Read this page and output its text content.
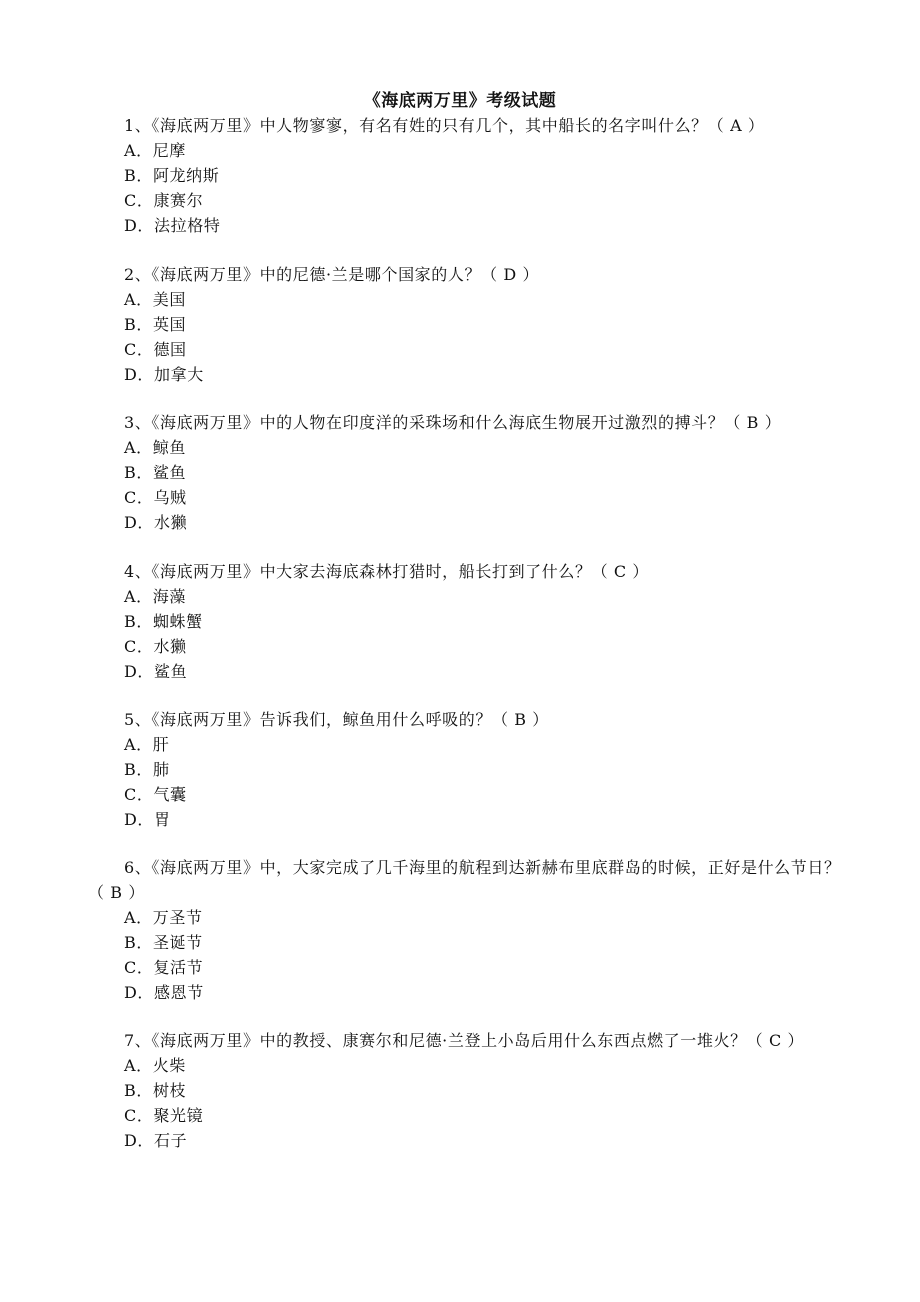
《海底两万里》考级试题
1、《海底两万里》中人物寥寥，有名有姓的只有几个，其中船长的名字叫什么？（ A ）
A．尼摩
B．阿龙纳斯
C．康赛尔
D．法拉格特
2、《海底两万里》中的尼德·兰是哪个国家的人？（ D ）
A．美国
B．英国
C．德国
D．加拿大
3、《海底两万里》中的人物在印度洋的采珠场和什么海底生物展开过激烈的搏斗？（ B ）
A．鲸鱼
B．鲨鱼
C．乌贼
D．水獭
4、《海底两万里》中大家去海底森林打猎时，船长打到了什么？（ C ）
A．海藻
B．蜘蛛蟹
C．水獭
D．鲨鱼
5、《海底两万里》告诉我们，鲸鱼用什么呼吸的？（ B ）
A．肝
B．肺
C．气囊
D．胃
6、《海底两万里》中，大家完成了几千海里的航程到达新赫布里底群岛的时候，正好是什么节日？（ B ）
A．万圣节
B．圣诞节
C．复活节
D．感恩节
7、《海底两万里》中的教授、康赛尔和尼德·兰登上小岛后用什么东西点燃了一堆火？（ C ）
A．火柴
B．树枝
C．聚光镜
D．石子
